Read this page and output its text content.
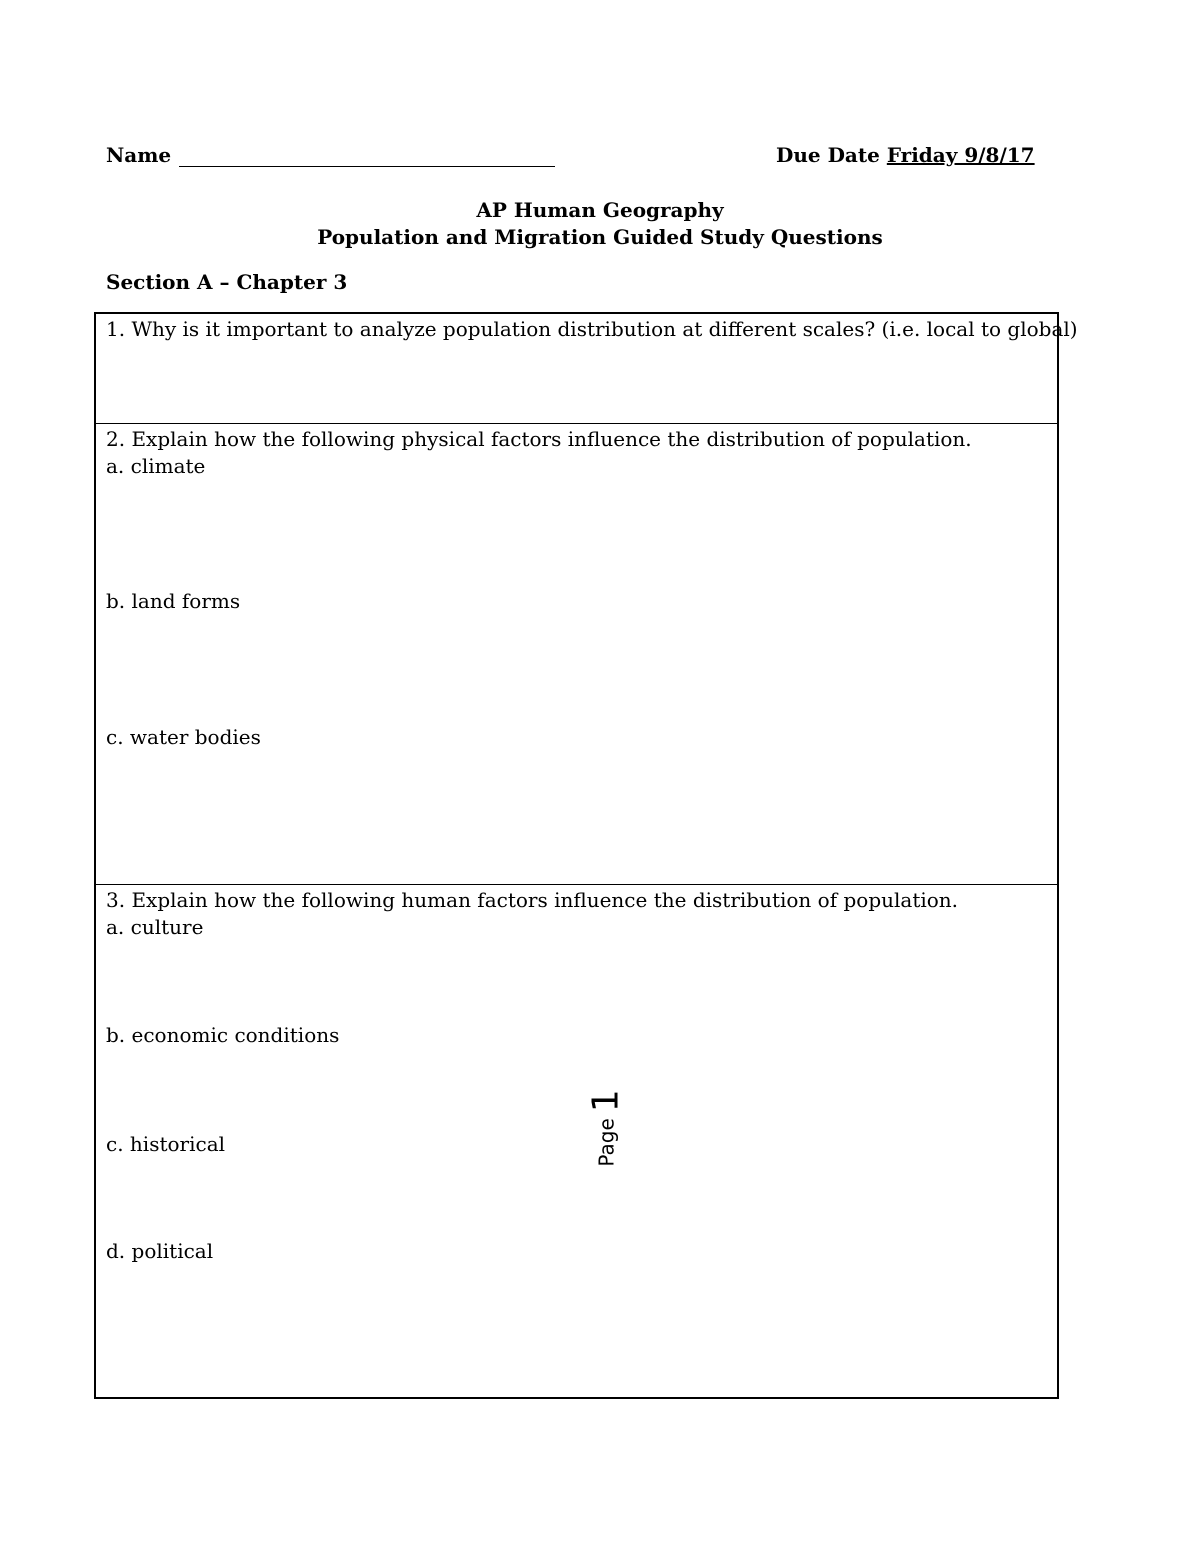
Name	Due Date Friday 9/8/17
AP Human Geography
Population and Migration Guided Study Questions
Section A – Chapter 3
1. Why is it important to analyze population distribution at different scales? (i.e. local to global)
2. Explain how the following physical factors influence the distribution of population.
a. climate
b. land forms
c. water bodies
3. Explain how the following human factors influence the distribution of population.
a. culture
b. economic conditions
c. historical
d. political
Page1
